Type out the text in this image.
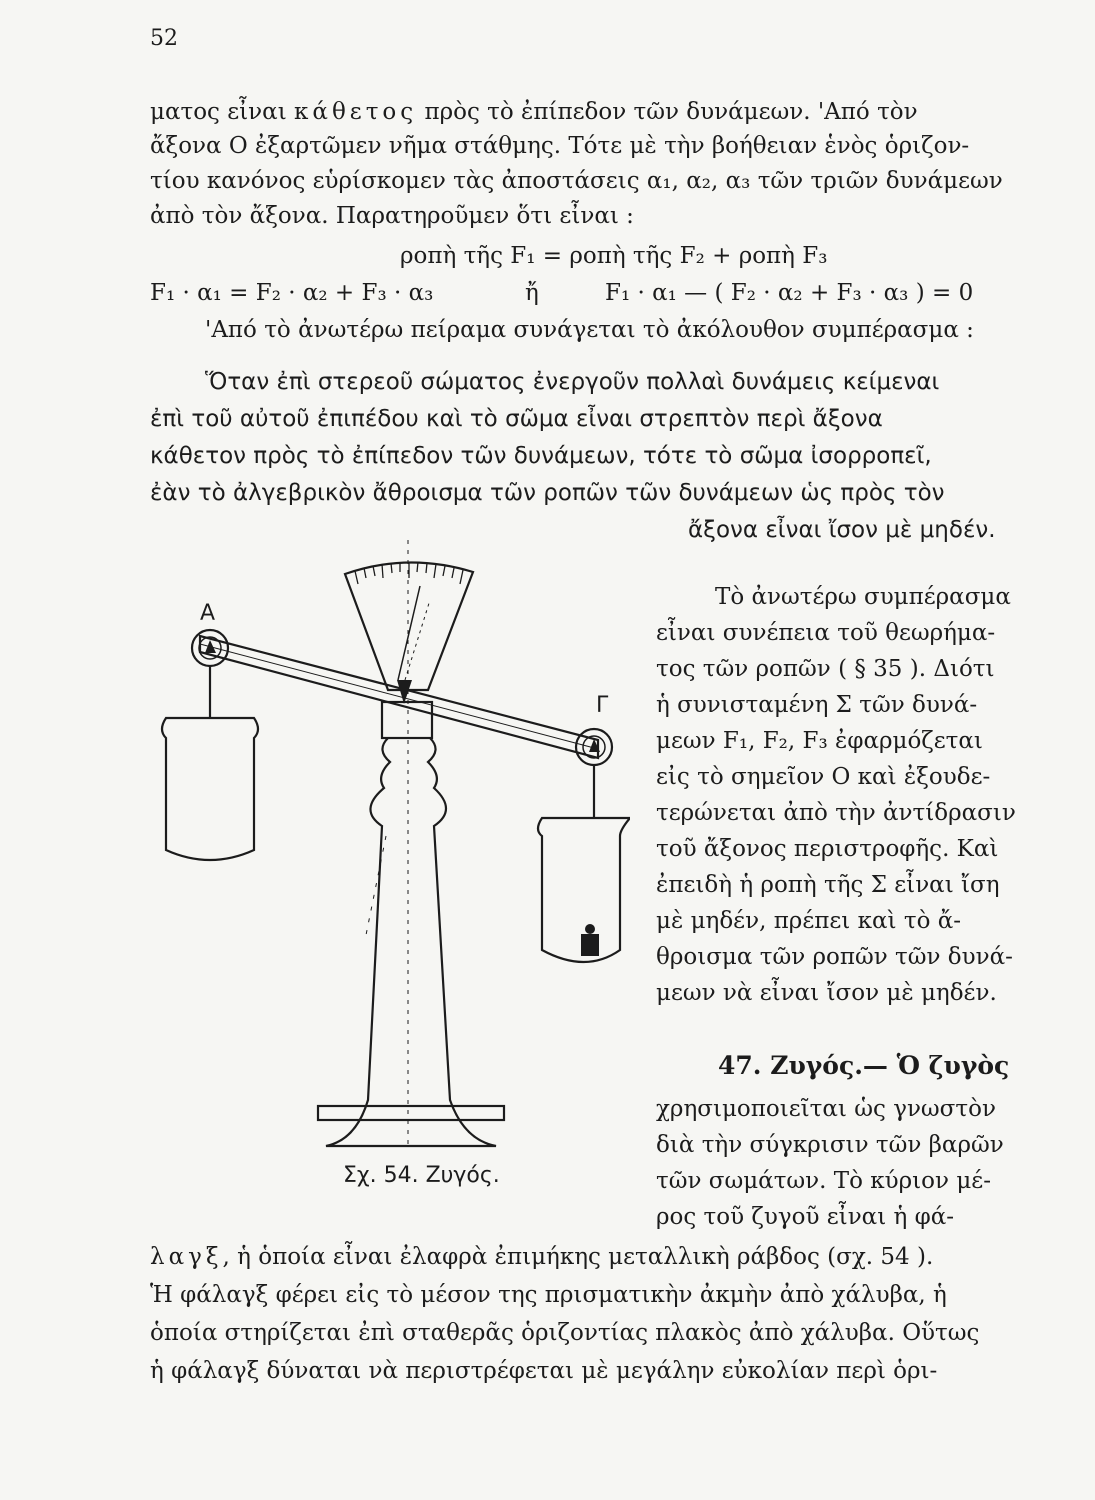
52
ματος εἶναι κάθετος πρὸς τὸ ἐπίπεδον τῶν δυνάμεων. 'Από τὸν
ἄξονα Ο ἐξαρτῶμεν νῆμα στάθμης. Τότε μὲ τὴν βοήθειαν ἑνὸς ὁριζον-
τίου κανόνος εὑρίσκομεν τὰς ἀποστάσεις α₁, α₂, α₃ τῶν τριῶν δυνάμεων
ἀπὸ τὸν ἄξονα. Παρατηροῦμεν ὅτι εἶναι :
ροπὴ τῆς F₁ = ροπὴ τῆς F₂ + ροπὴ F₃
F₁ · α₁ = F₂ · α₂ + F₃ · α₃	ἤ	F₁ · α₁ — ( F₂ · α₂ + F₃ · α₃ ) = 0
'Από τὸ ἀνωτέρω πείραμα συνάγεται τὸ ἀκόλουθον συμπέρασμα :
Ὅταν ἐπὶ στερεοῦ σώματος ἐνεργοῦν πολλαὶ δυνάμεις κείμεναι
ἐπὶ τοῦ αὐτοῦ ἐπιπέδου καὶ τὸ σῶμα εἶναι στρεπτὸν περὶ ἄξονα
κάθετον πρὸς τὸ ἐπίπεδον τῶν δυνάμεων, τότε τὸ σῶμα ἰσορροπεῖ,
ἐὰν τὸ ἀλγεβρικὸν ἄθροισμα τῶν ροπῶν τῶν δυνάμεων ὡς πρὸς τὸν
ἄξονα εἶναι ἴσον μὲ μηδέν.
Τὸ ἀνωτέρω συμπέρασμα
εἶναι συνέπεια τοῦ θεωρήμα-
τος τῶν ροπῶν ( § 35 ). Διότι
ἡ συνισταμένη Σ τῶν δυνά-
μεων F₁, F₂, F₃ ἐφαρμόζεται
εἰς τὸ σημεῖον Ο καὶ ἐξουδε-
τερώνεται ἀπὸ τὴν ἀντίδρασιν
τοῦ ἄξονος περιστροφῆς. Καὶ
ἐπειδὴ ἡ ροπὴ τῆς Σ εἶναι ἴση
μὲ μηδέν, πρέπει καὶ τὸ ἄ-
θροισμα τῶν ροπῶν τῶν δυνά-
μεων νὰ εἶναι ἴσον μὲ μηδέν.
47. Ζυγός.— Ὁ ζυγὸς
χρησιμοποιεῖται ὡς γνωστὸν
διὰ τὴν σύγκρισιν τῶν βαρῶν
τῶν σωμάτων. Τὸ κύριον μέ-
ρος τοῦ ζυγοῦ εἶναι ἡ φά-
Α
Γ
Σχ. 54. Ζυγός.
λαγξ, ἡ ὁποία εἶναι ἐλαφρὰ ἐπιμήκης μεταλλικὴ ράβδος (σχ. 54 ).
Ἡ φάλαγξ φέρει εἰς τὸ μέσον της πρισματικὴν ἀκμὴν ἀπὸ χάλυβα, ἡ
ὁποία στηρίζεται ἐπὶ σταθερᾶς ὁριζοντίας πλακὸς ἀπὸ χάλυβα. Οὕτως
ἡ φάλαγξ δύναται νὰ περιστρέφεται μὲ μεγάλην εὐκολίαν περὶ ὁρι-
